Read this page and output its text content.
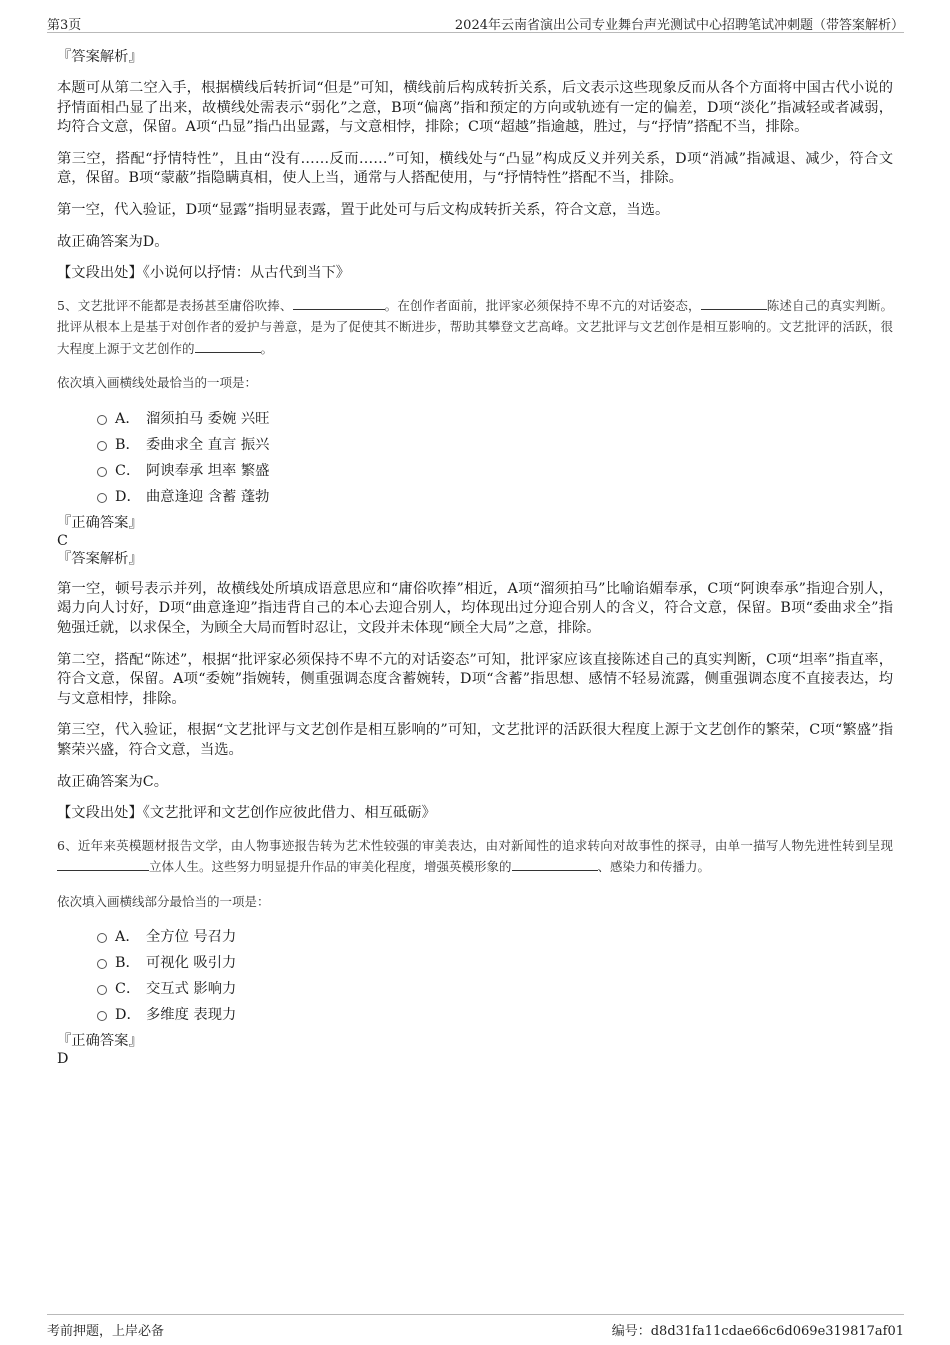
第3页	2024年云南省演出公司专业舞台声光测试中心招聘笔试冲刺题（带答案解析）

『答案解析』

本题可从第二空入手，根据横线后转折词“但是”可知，横线前后构成转折关系，后文表示这些现象反而从各个方面将中国古代小说的抒情面相凸显了出来，故横线处需表示“弱化”之意，B项“偏离”指和预定的方向或轨迹有一定的偏差，D项“淡化”指减轻或者减弱，均符合文意，保留。A项“凸显”指凸出显露，与文意相悖，排除；C项“超越”指逾越，胜过，与“抒情”搭配不当，排除。

第三空，搭配“抒情特性”，且由“没有……反而……”可知，横线处与“凸显”构成反义并列关系，D项“消减”指减退、减少，符合文意，保留。B项“蒙蔽”指隐瞒真相，使人上当，通常与人搭配使用，与“抒情特性”搭配不当，排除。

第一空，代入验证，D项“显露”指明显表露，置于此处可与后文构成转折关系，符合文意，当选。

故正确答案为D。

【文段出处】《小说何以抒情：从古代到当下》

5、文艺批评不能都是表扬甚至庸俗吹捧、	。在创作者面前，批评家必须保持不卑不亢的对话姿态，	陈述自己的真实判断。批评从根本上是基于对创作者的爱护与善意，是为了促使其不断进步，帮助其攀登文艺高峰。文艺批评与文艺创作是相互影响的。文艺批评的活跃，很大程度上源于文艺创作的	。

依次填入画横线处最恰当的一项是：

A． 溜须拍马 委婉 兴旺
B． 委曲求全 直言 振兴
C． 阿谀奉承 坦率 繁盛
D． 曲意逢迎 含蓄 蓬勃

『正确答案』

C

『答案解析』

第一空，顿号表示并列，故横线处所填成语意思应和“庸俗吹捧”相近，A项“溜须拍马”比喻谄媚奉承，C项“阿谀奉承”指迎合别人，竭力向人讨好，D项“曲意逢迎”指违背自己的本心去迎合别人，均体现出过分迎合别人的含义，符合文意，保留。B项“委曲求全”指勉强迁就，以求保全，为顾全大局而暂时忍让，文段并未体现“顾全大局”之意，排除。

第二空，搭配“陈述”，根据“批评家必须保持不卑不亢的对话姿态”可知，批评家应该直接陈述自己的真实判断，C项“坦率”指直率，符合文意，保留。A项“委婉”指婉转，侧重强调态度含蓄婉转，D项“含蓄”指思想、感情不轻易流露，侧重强调态度不直接表达，均与文意相悖，排除。

第三空，代入验证，根据“文艺批评与文艺创作是相互影响的”可知，文艺批评的活跃很大程度上源于文艺创作的繁荣，C项“繁盛”指繁荣兴盛，符合文意，当选。

故正确答案为C。

【文段出处】《文艺批评和文艺创作应彼此借力、相互砥砺》

6、近年来英模题材报告文学，由人物事迹报告转为艺术性较强的审美表达，由对新闻性的追求转向对故事性的探寻，由单一描写人物先进性转到呈现立体人生。这些努力明显提升作品的审美化程度，增强英模形象的	、感染力和传播力。

依次填入画横线部分最恰当的一项是：

A． 全方位 号召力
B． 可视化 吸引力
C． 交互式 影响力
D． 多维度 表现力

『正确答案』

D

考前押题，上岸必备	编号：d8d31fa11cdae66c6d069e319817af01
